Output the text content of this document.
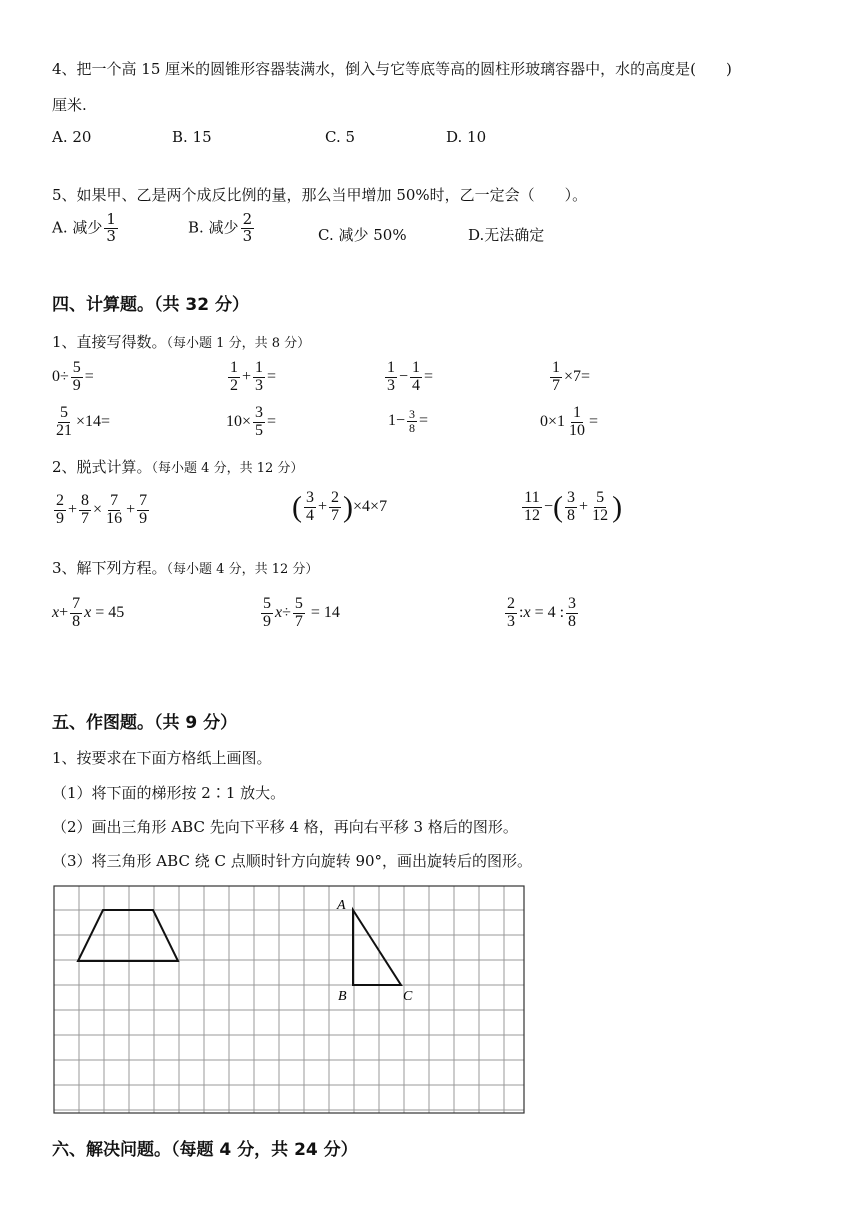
4、把一个高 15 厘米的圆锥形容器装满水，倒入与它等底等高的圆柱形玻璃容器中，水的高度是(　　)
厘米.
A. 20	B. 15	C. 5	D. 10
5、如果甲、乙是两个成反比例的量，那么当甲增加 50%时，乙一定会（　　）。
A. 减少 $\frac{1}{3}$	B. 减少 $\frac{2}{3}$	C. 减少 50%	D.无法确定
四、计算题。（共 32 分）
1、直接写得数。（每小题 1 分，共 8 分）
$0\div \frac{5}{9}$ =	$\frac{1}{2} + \frac{1}{3}$ =	$\frac{1}{3} - \frac{1}{4}$ =	$\frac{1}{7} \times 7=$
$\frac{5}{21} \times 14=$	$10\times \frac{3}{5}$ =	$1- \frac{3}{8}$ =	$0\times 1 \frac{1}{10}$ =
2、脱式计算。（每小题 4 分，共 12 分）
$\frac{2}{9} + \frac{8}{7} \times \frac{7}{16} + \frac{7}{9}$	( $\frac{3}{4} + \frac{2}{7} )\times 4\times 7$	$\frac{11}{12}$ −( $\frac{3}{8} + \frac{5}{12}$ )
3、解下列方程。（每小题 4 分，共 12 分）
$x+ \frac{7}{8}$ x = 45	$\frac{5}{9} x\div \frac{5}{7} = 14$	$\frac{2}{3}$ :x = 4 : $\frac{3}{8}$
五、作图题。（共 9 分）
1、按要求在下面方格纸上画图。
（1）将下面的梯形按 2∶1 放大。
（2）画出三角形 ABC 先向下平移 4 格，再向右平移 3 格后的图形。
（3）将三角形 ABC 绕 C 点顺时针方向旋转 90°，画出旋转后的图形。
A
B	C
六、解决问题。（每题 4 分，共 24 分）
